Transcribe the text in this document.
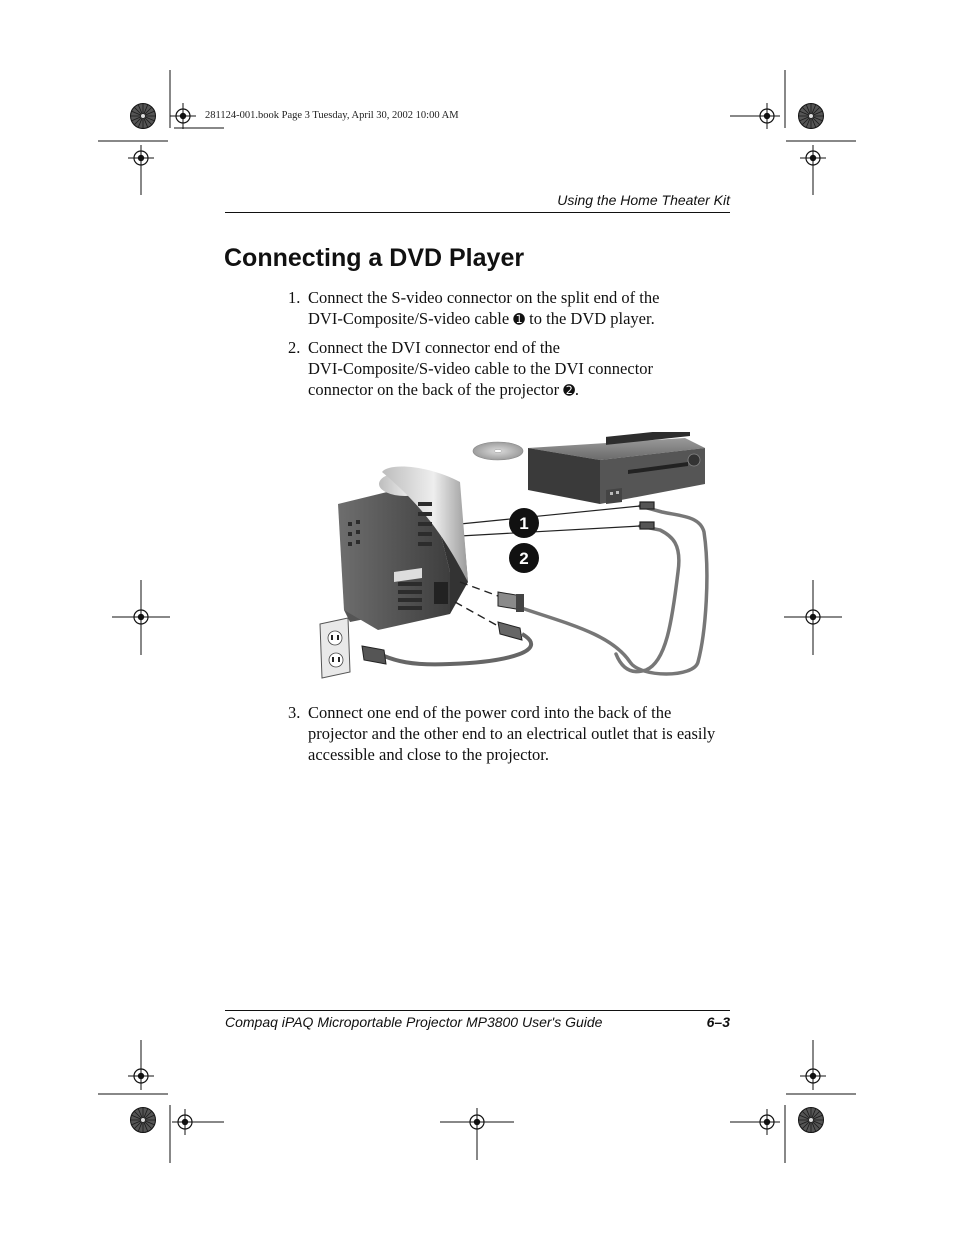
281124-001.book Page 3 Tuesday, April 30, 2002 10:00 AM
Using the Home Theater Kit
Connecting a DVD Player
1. Connect the S-video connector on the split end of the
DVI-Composite/S-video cable ➊ to the DVD player.
2. Connect the DVI connector end of the
DVI-Composite/S-video cable to the DVI connector
connector on the back of the projector ➋.
1
2
3. Connect one end of the power cord into the back of the
projector and the other end to an electrical outlet that is easily
accessible and close to the projector.
Compaq iPAQ Microportable Projector MP3800 User's Guide	6–3
